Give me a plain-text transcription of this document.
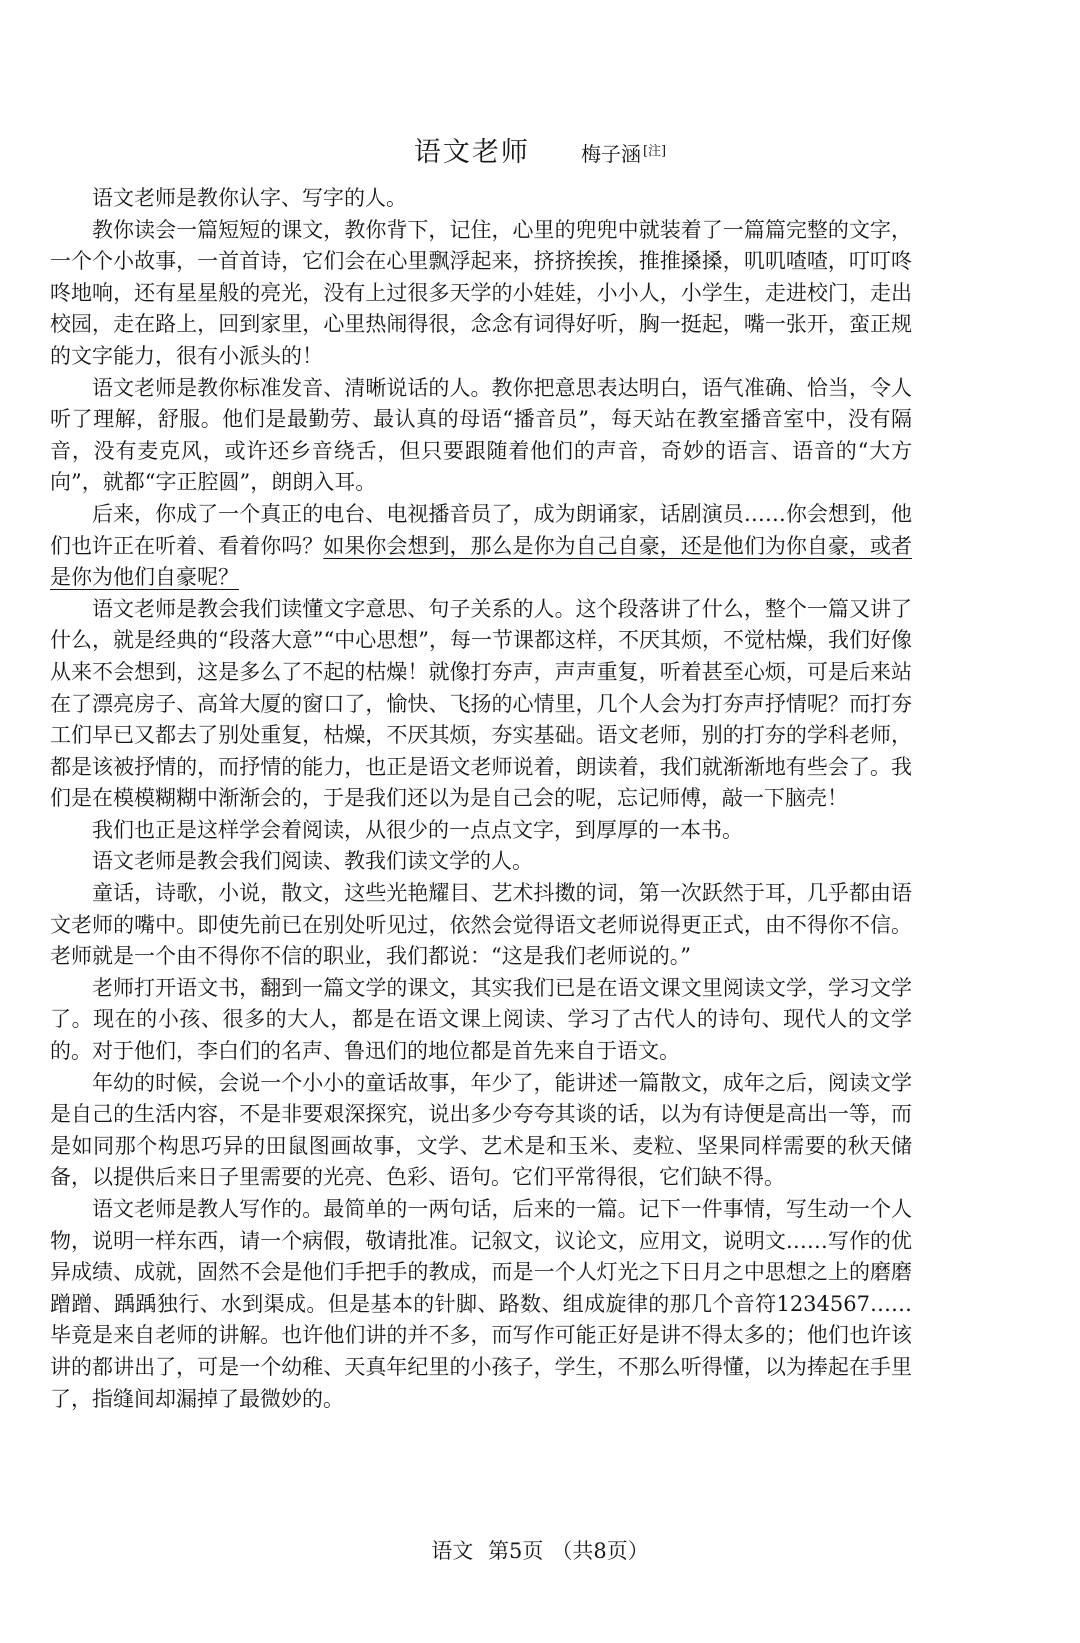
语文老师	梅子涵 [注]

语文老师是教你认字、写字的人。

教你读会一篇短短的课文，教你背下，记住，心里的兜兜中就装着了一篇篇完整的文字，一个个小故事，一首首诗，它们会在心里飘浮起来，挤挤挨挨，推推搡搡，叽叽喳喳，叮叮咚咚地响，还有星星般的亮光，没有上过很多天学的小娃娃，小小人，小学生，走进校门，走出校园，走在路上，回到家里，心里热闹得很，念念有词得好听，胸一挺起，嘴一张开，蛮正规的文字能力，很有小派头的！

语文老师是教你标准发音、清晰说话的人。教你把意思表达明白，语气准确、恰当，令人听了理解，舒服。他们是最勤劳、最认真的母语“播音员”，每天站在教室播音室中，没有隔音，没有麦克风，或许还乡音绕舌，但只要跟随着他们的声音，奇妙的语言、语音的“大方向”，就都“字正腔圆”，朗朗入耳。

后来，你成了一个真正的电台、电视播音员了，成为朗诵家，话剧演员……你会想到，他们也许正在听着、看着你吗？如果你会想到，那么是你为自己自豪，还是他们为你自豪，或者是你为他们自豪呢？

语文老师是教会我们读懂文字意思、句子关系的人。这个段落讲了什么，整个一篇又讲了什么，就是经典的“段落大意”“中心思想”，每一节课都这样，不厌其烦，不觉枯燥，我们好像从来不会想到，这是多么了不起的枯燥！就像打夯声，声声重复，听着甚至心烦，可是后来站在了漂亮房子、高耸大厦的窗口了，愉快、飞扬的心情里，几个人会为打夯声抒情呢？而打夯工们早已又都去了别处重复，枯燥，不厌其烦，夯实基础。语文老师，别的打夯的学科老师，都是该被抒情的，而抒情的能力，也正是语文老师说着，朗读着，我们就渐渐地有些会了。我们是在模模糊糊中渐渐会的，于是我们还以为是自己会的呢，忘记师傅，敲一下脑壳！

我们也正是这样学会着阅读，从很少的一点点文字，到厚厚的一本书。

语文老师是教会我们阅读、教我们读文学的人。

童话，诗歌，小说，散文，这些光艳耀目、艺术抖擞的词，第一次跃然于耳，几乎都由语文老师的嘴中。即使先前已在别处听见过，依然会觉得语文老师说得更正式，由不得你不信。老师就是一个由不得你不信的职业，我们都说：“这是我们老师说的。”

老师打开语文书，翻到一篇文学的课文，其实我们已是在语文课文里阅读文学，学习文学了。现在的小孩、很多的大人，都是在语文课上阅读、学习了古代人的诗句、现代人的文学的。对于他们，李白们的名声、鲁迅们的地位都是首先来自于语文。

年幼的时候，会说一个小小的童话故事，年少了，能讲述一篇散文，成年之后，阅读文学是自己的生活内容，不是非要艰深探究，说出多少夸夸其谈的话，以为有诗便是高出一等，而是如同那个构思巧异的田鼠图画故事，文学、艺术是和玉米、麦粒、坚果同样需要的秋天储备，以提供后来日子里需要的光亮、色彩、语句。它们平常得很，它们缺不得。

语文老师是教人写作的。最简单的一两句话，后来的一篇。记下一件事情，写生动一个人物，说明一样东西，请一个病假，敬请批准。记叙文，议论文，应用文，说明文……写作的优异成绩、成就，固然不会是他们手把手的教成，而是一个人灯光之下日月之中思想之上的磨磨蹭蹭、踽踽独行、水到渠成。但是基本的针脚、路数、组成旋律的那几个音符1234567……毕竟是来自老师的讲解。也许他们讲的并不多，而写作可能正好是讲不得太多的；他们也许该讲的都讲出了，可是一个幼稚、天真年纪里的小孩子，学生，不那么听得懂，以为捧起在手里了，指缝间却漏掉了最微妙的。

语文 第5页 （共8页）
